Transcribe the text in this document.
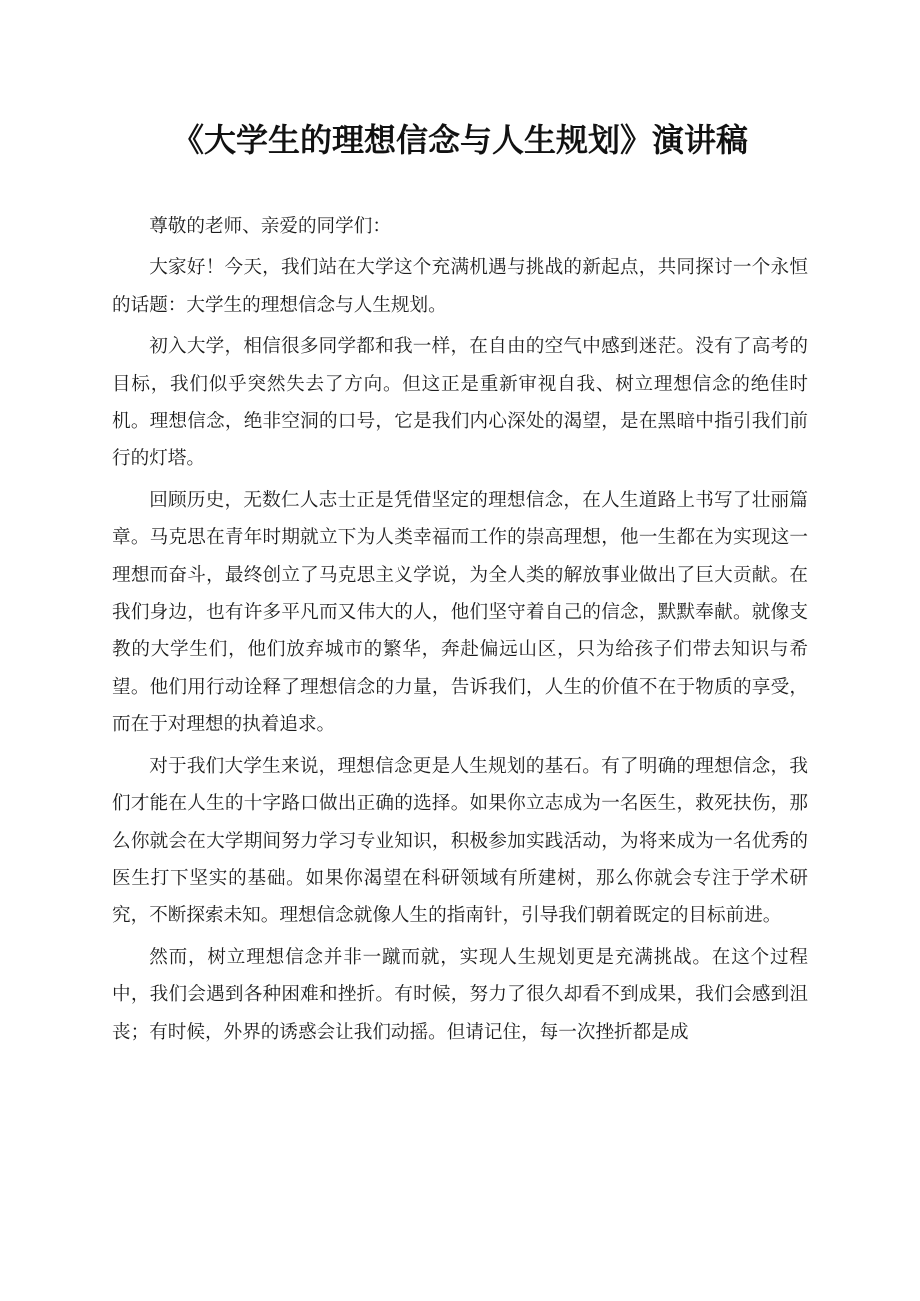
《大学生的理想信念与人生规划》演讲稿

尊敬的老师、亲爱的同学们：

大家好！今天，我们站在大学这个充满机遇与挑战的新起点，共同探讨一个永恒的话题：大学生的理想信念与人生规划。

初入大学，相信很多同学都和我一样，在自由的空气中感到迷茫。没有了高考的目标，我们似乎突然失去了方向。但这正是重新审视自我、树立理想信念的绝佳时机。理想信念，绝非空洞的口号，它是我们内心深处的渴望，是在黑暗中指引我们前行的灯塔。

回顾历史，无数仁人志士正是凭借坚定的理想信念，在人生道路上书写了壮丽篇章。马克思在青年时期就立下为人类幸福而工作的崇高理想，他一生都在为实现这一理想而奋斗，最终创立了马克思主义学说，为全人类的解放事业做出了巨大贡献。在我们身边，也有许多平凡而又伟大的人，他们坚守着自己的信念，默默奉献。就像支教的大学生们，他们放弃城市的繁华，奔赴偏远山区，只为给孩子们带去知识与希望。他们用行动诠释了理想信念的力量，告诉我们，人生的价值不在于物质的享受，而在于对理想的执着追求。

对于我们大学生来说，理想信念更是人生规划的基石。有了明确的理想信念，我们才能在人生的十字路口做出正确的选择。如果你立志成为一名医生，救死扶伤，那么你就会在大学期间努力学习专业知识，积极参加实践活动，为将来成为一名优秀的医生打下坚实的基础。如果你渴望在科研领域有所建树，那么你就会专注于学术研究，不断探索未知。理想信念就像人生的指南针，引导我们朝着既定的目标前进。

然而，树立理想信念并非一蹴而就，实现人生规划更是充满挑战。在这个过程中，我们会遇到各种困难和挫折。有时候，努力了很久却看不到成果，我们会感到沮丧；有时候，外界的诱惑会让我们动摇。但请记住，每一次挫折都是成
